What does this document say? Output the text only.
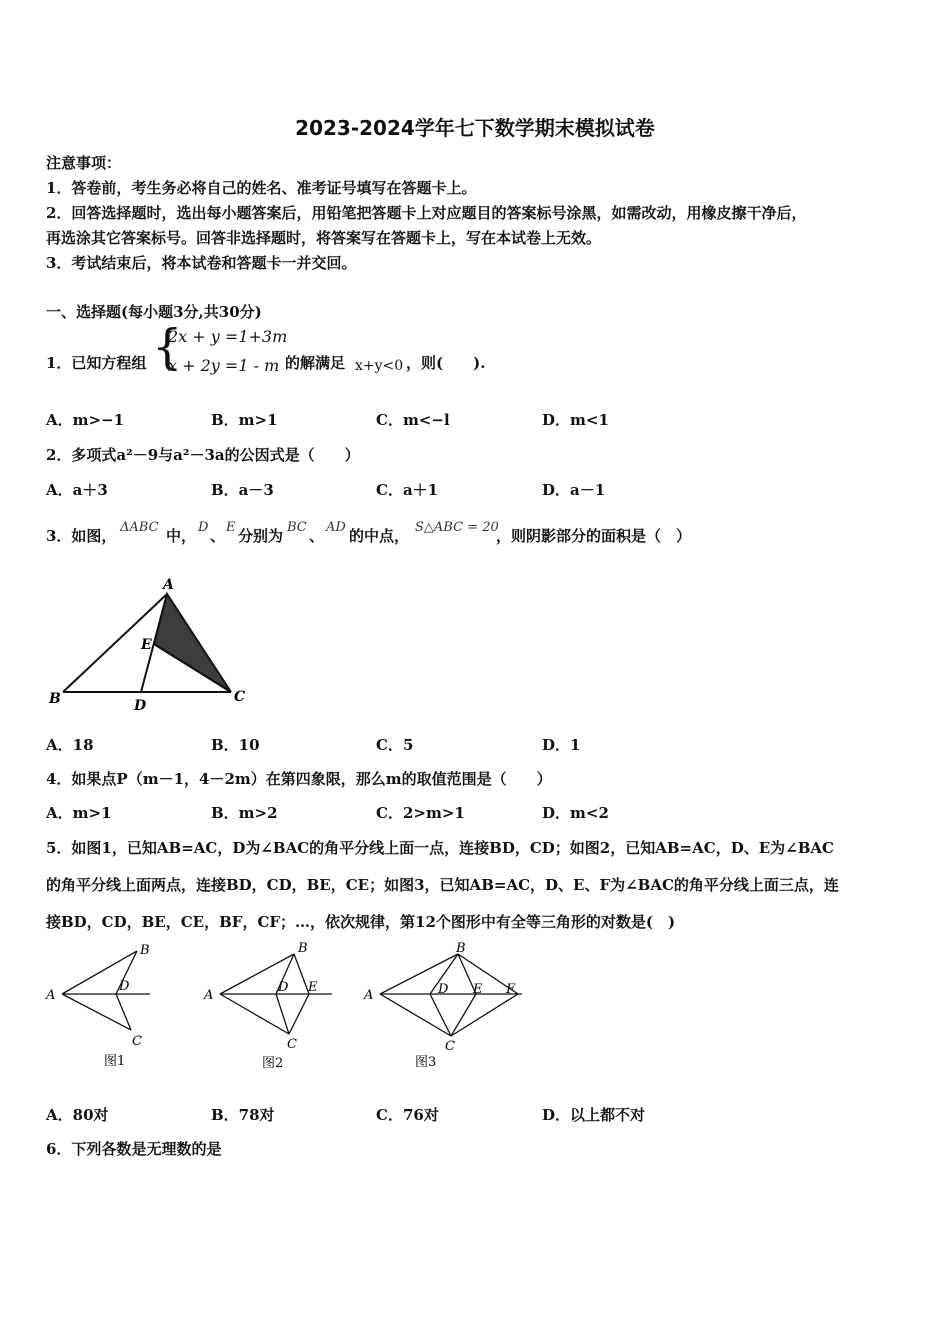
2023-2024学年七下数学期末模拟试卷
注意事项：
1．答卷前，考生务必将自己的姓名、准考证号填写在答题卡上。
2．回答选择题时，选出每小题答案后，用铅笔把答题卡上对应题目的答案标号涂黑，如需改动，用橡皮擦干净后，
再选涂其它答案标号。回答非选择题时，将答案写在答题卡上，写在本试卷上无效。
3．考试结束后，将本试卷和答题卡一并交回。
一、选择题(每小题3分,共30分)
1．已知方程组 {
2x + y =1+3m
x + 2y =1 - m 的解满足 x+y<0 ，则(　　).
A．m>−1	B．m>1	C．m<−l	D．m<1
2．多项式a²－9与a²－3a的公因式是（　　）
A．a＋3	B．a－3	C．a＋1	D．a－1
3．如图， ΔABC 中， D 、 E 分别为 BC 、 AD 的中点， S△ABC = 20
，则阴影部分的面积是（　）
A
B	C
D
E
A．18	B．10	C．5	D．1
4．如果点P（m－1，4－2m）在第四象限，那么m的取值范围是（　　）
A．m>1	B．m>2	C．2>m>1	D．m<2
5．如图1，已知AB=AC，D为∠BAC的角平分线上面一点，连接BD，CD；如图2，已知AB=AC，D、E为∠BAC
的角平分线上面两点，连接BD，CD，BE，CE；如图3，已知AB=AC，D、E、F为∠BAC的角平分线上面三点，连
接BD，CD，BE，CE，BF，CF；…，依次规律，第12个图形中有全等三角形的对数是(　)
A
B
D
C
图1
A
B
D E
C
图2
A
B
D E F
C
图3
A．80对	B．78对	C．76对	D．以上都不对
6．下列各数是无理数的是
